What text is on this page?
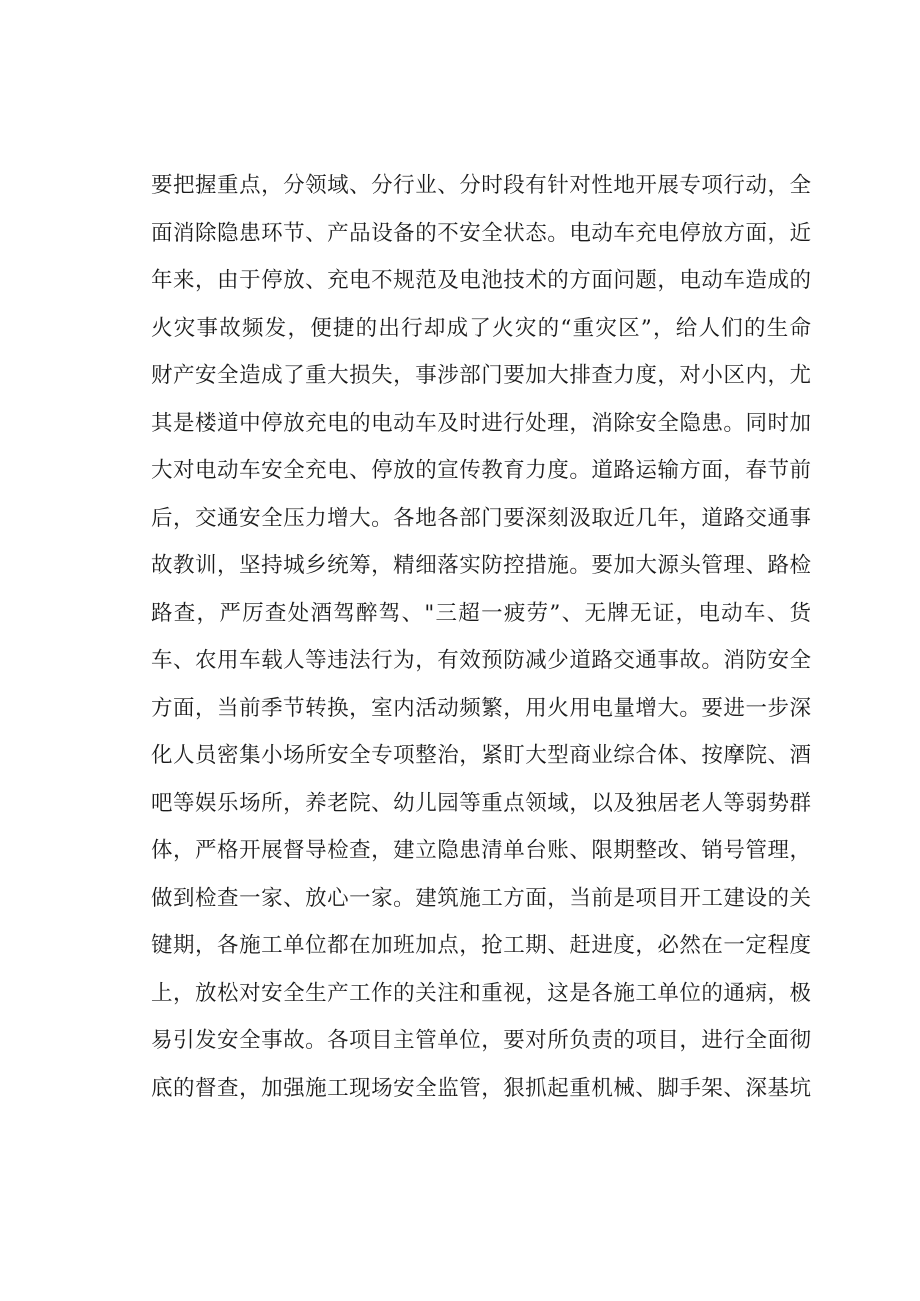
要把握重点，分领域、分行业、分时段有针对性地开展专项行动，全
面消除隐患环节、产品设备的不安全状态。电动车充电停放方面，近
年来，由于停放、充电不规范及电池技术的方面问题，电动车造成的
火灾事故频发，便捷的出行却成了火灾的“重灾区”，给人们的生命
财产安全造成了重大损失，事涉部门要加大排查力度，对小区内，尤
其是楼道中停放充电的电动车及时进行处理，消除安全隐患。同时加
大对电动车安全充电、停放的宣传教育力度。道路运输方面，春节前
后，交通安全压力增大。各地各部门要深刻汲取近几年，道路交通事
故教训，坚持城乡统筹，精细落实防控措施。要加大源头管理、路检
路查，严厉查处酒驾醉驾、"三超一疲劳”、无牌无证，电动车、货
车、农用车载人等违法行为，有效预防减少道路交通事故。消防安全
方面，当前季节转换，室内活动频繁，用火用电量增大。要进一步深
化人员密集小场所安全专项整治，紧盯大型商业综合体、按摩院、酒
吧等娱乐场所，养老院、幼儿园等重点领域，以及独居老人等弱势群
体，严格开展督导检查，建立隐患清单台账、限期整改、销号管理，
做到检查一家、放心一家。建筑施工方面，当前是项目开工建设的关
键期，各施工单位都在加班加点，抢工期、赶进度，必然在一定程度
上，放松对安全生产工作的关注和重视，这是各施工单位的通病，极
易引发安全事故。各项目主管单位，要对所负责的项目，进行全面彻
底的督查，加强施工现场安全监管，狠抓起重机械、脚手架、深基坑
